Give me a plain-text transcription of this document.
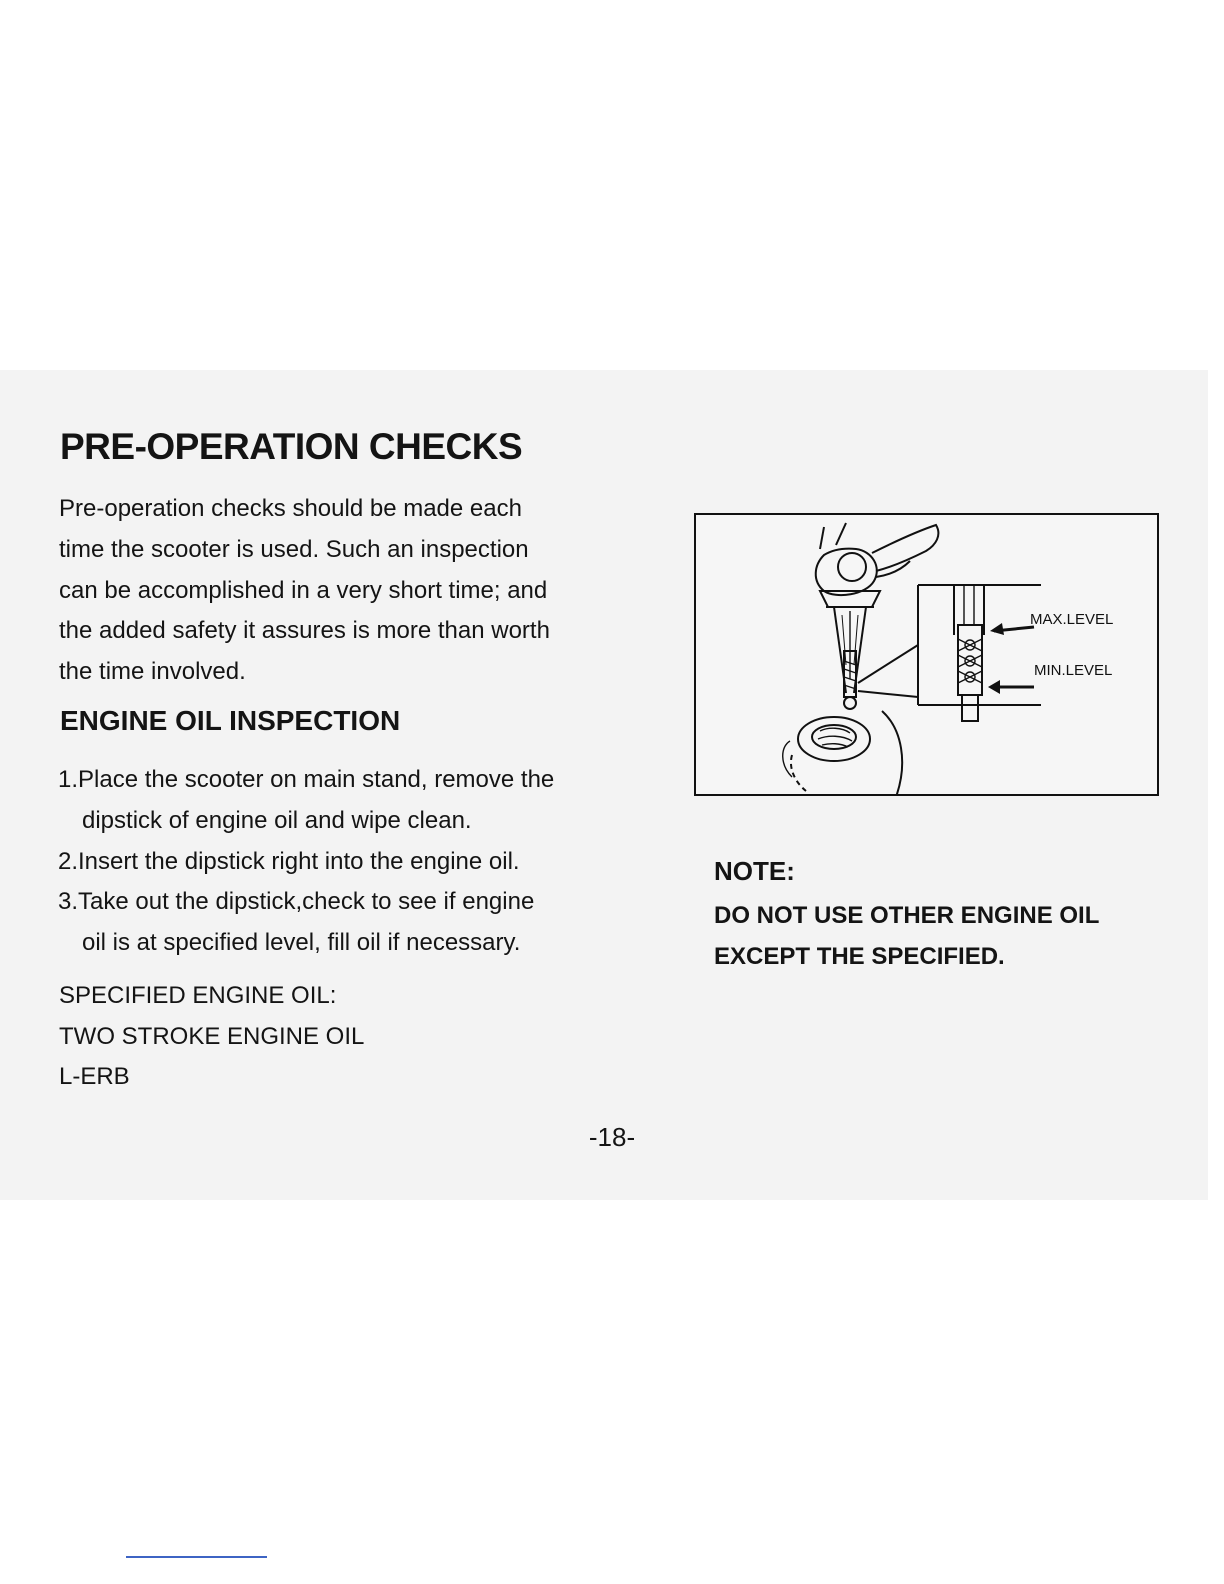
PRE-OPERATION CHECKS

Pre-operation checks should be made each
time the scooter is used. Such an inspection
can be accomplished in a very short time; and
the added safety it assures is more than worth
the time involved.

ENGINE OIL INSPECTION
1.Place the scooter on main stand, remove the
dipstick of engine oil and wipe clean.
2.Insert the dipstick right into the engine oil.
3.Take out the dipstick,check to see if engine
oil is at specified level, fill oil if necessary.

SPECIFIED ENGINE OIL:
TWO STROKE ENGINE OIL
L-ERB

MAX.LEVEL
MIN.LEVEL
NOTE:

DO NOT USE OTHER ENGINE OIL
EXCEPT THE SPECIFIED.

-18-
